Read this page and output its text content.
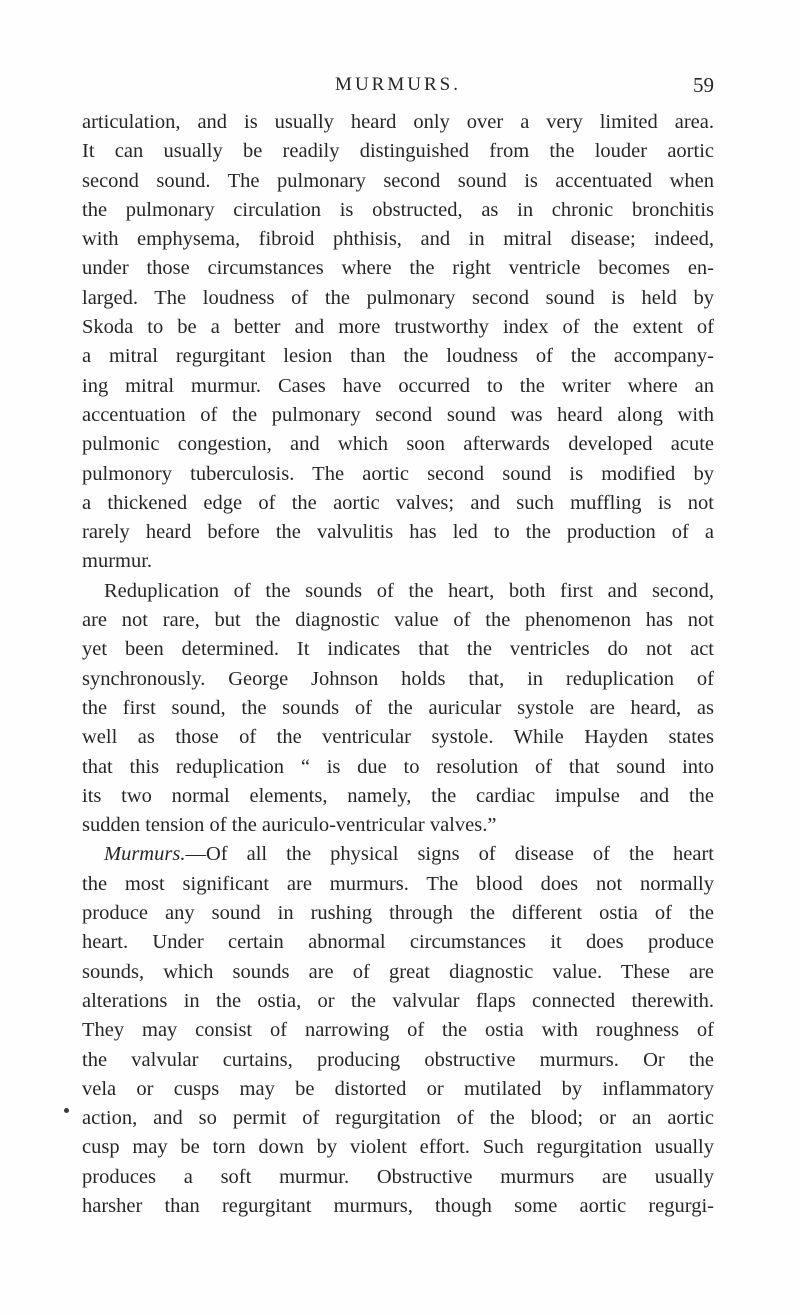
MURMURS.	59
articulation, and is usually heard only over a very limited area.
It can usually be readily distinguished from the louder aortic
second sound. The pulmonary second sound is accentuated when
the pulmonary circulation is obstructed, as in chronic bronchitis
with emphysema, fibroid phthisis, and in mitral disease; indeed,
under those circumstances where the right ventricle becomes en-
larged. The loudness of the pulmonary second sound is held by
Skoda to be a better and more trustworthy index of the extent of
a mitral regurgitant lesion than the loudness of the accompany-
ing mitral murmur. Cases have occurred to the writer where an
accentuation of the pulmonary second sound was heard along with
pulmonic congestion, and which soon afterwards developed acute
pulmonory tuberculosis. The aortic second sound is modified by
a thickened edge of the aortic valves; and such muffling is not
rarely heard before the valvulitis has led to the production of a
murmur.
Reduplication of the sounds of the heart, both first and second,
are not rare, but the diagnostic value of the phenomenon has not
yet been determined. It indicates that the ventricles do not act
synchronously. George Johnson holds that, in reduplication of
the first sound, the sounds of the auricular systole are heard, as
well as those of the ventricular systole. While Hayden states
that this reduplication “ is due to resolution of that sound into
its two normal elements, namely, the cardiac impulse and the
sudden tension of the auriculo-ventricular valves.”
Murmurs.—Of all the physical signs of disease of the heart
the most significant are murmurs. The blood does not normally
produce any sound in rushing through the different ostia of the
heart. Under certain abnormal circumstances it does produce
sounds, which sounds are of great diagnostic value. These are
alterations in the ostia, or the valvular flaps connected therewith.
They may consist of narrowing of the ostia with roughness of
the valvular curtains, producing obstructive murmurs. Or the
vela or cusps may be distorted or mutilated by inflammatory
action, and so permit of regurgitation of the blood; or an aortic
cusp may be torn down by violent effort. Such regurgitation usually
produces a soft murmur. Obstructive murmurs are usually
harsher than regurgitant murmurs, though some aortic regurgi-
